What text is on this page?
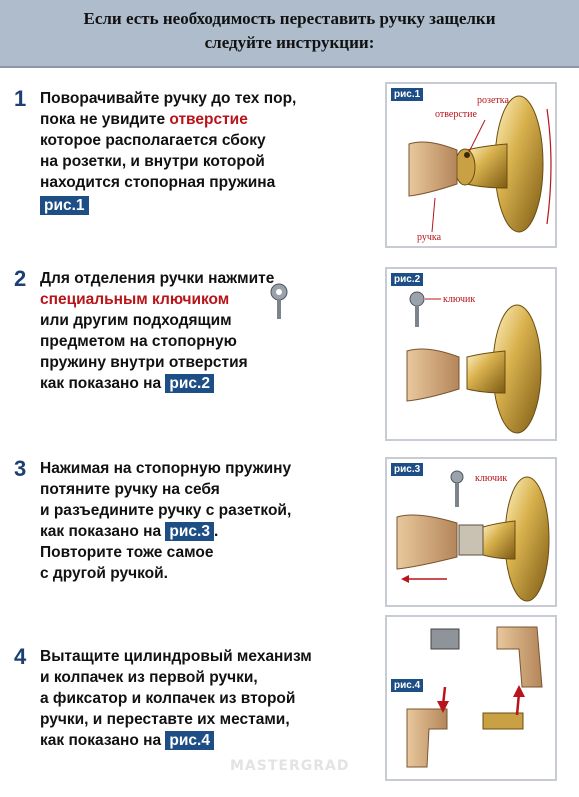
Если есть необходимость переставить ручку защелки
следуйте инструкции:
1 Поворачивайте ручку до тех пор,
пока не увидите отверстие
которое располагается сбоку
на розетки, и внутри которой
находится стопорная пружина
рис.1
розетка
отверстие
ручка
рис.1
2 Для отделения ручки нажмите
специальным ключиком
или другим подходящим
предметом на стопорную
пружину внутри отверстия
как показано на рис.2
ключик
рис.2
3 Нажимая на стопорную пружину
потяните ручку на себя
и разъедините ручку с разеткой,
как показано на рис.3 .
Повторите тоже самое
с другой ручкой.
ключик
рис.3
4 Вытащите цилиндровый механизм
и колпачек из первой ручки,
а фиксатор и колпачек из второй
ручки, и переставте их местами,
как показано на рис.4
рис.4
MASTERGRAD
